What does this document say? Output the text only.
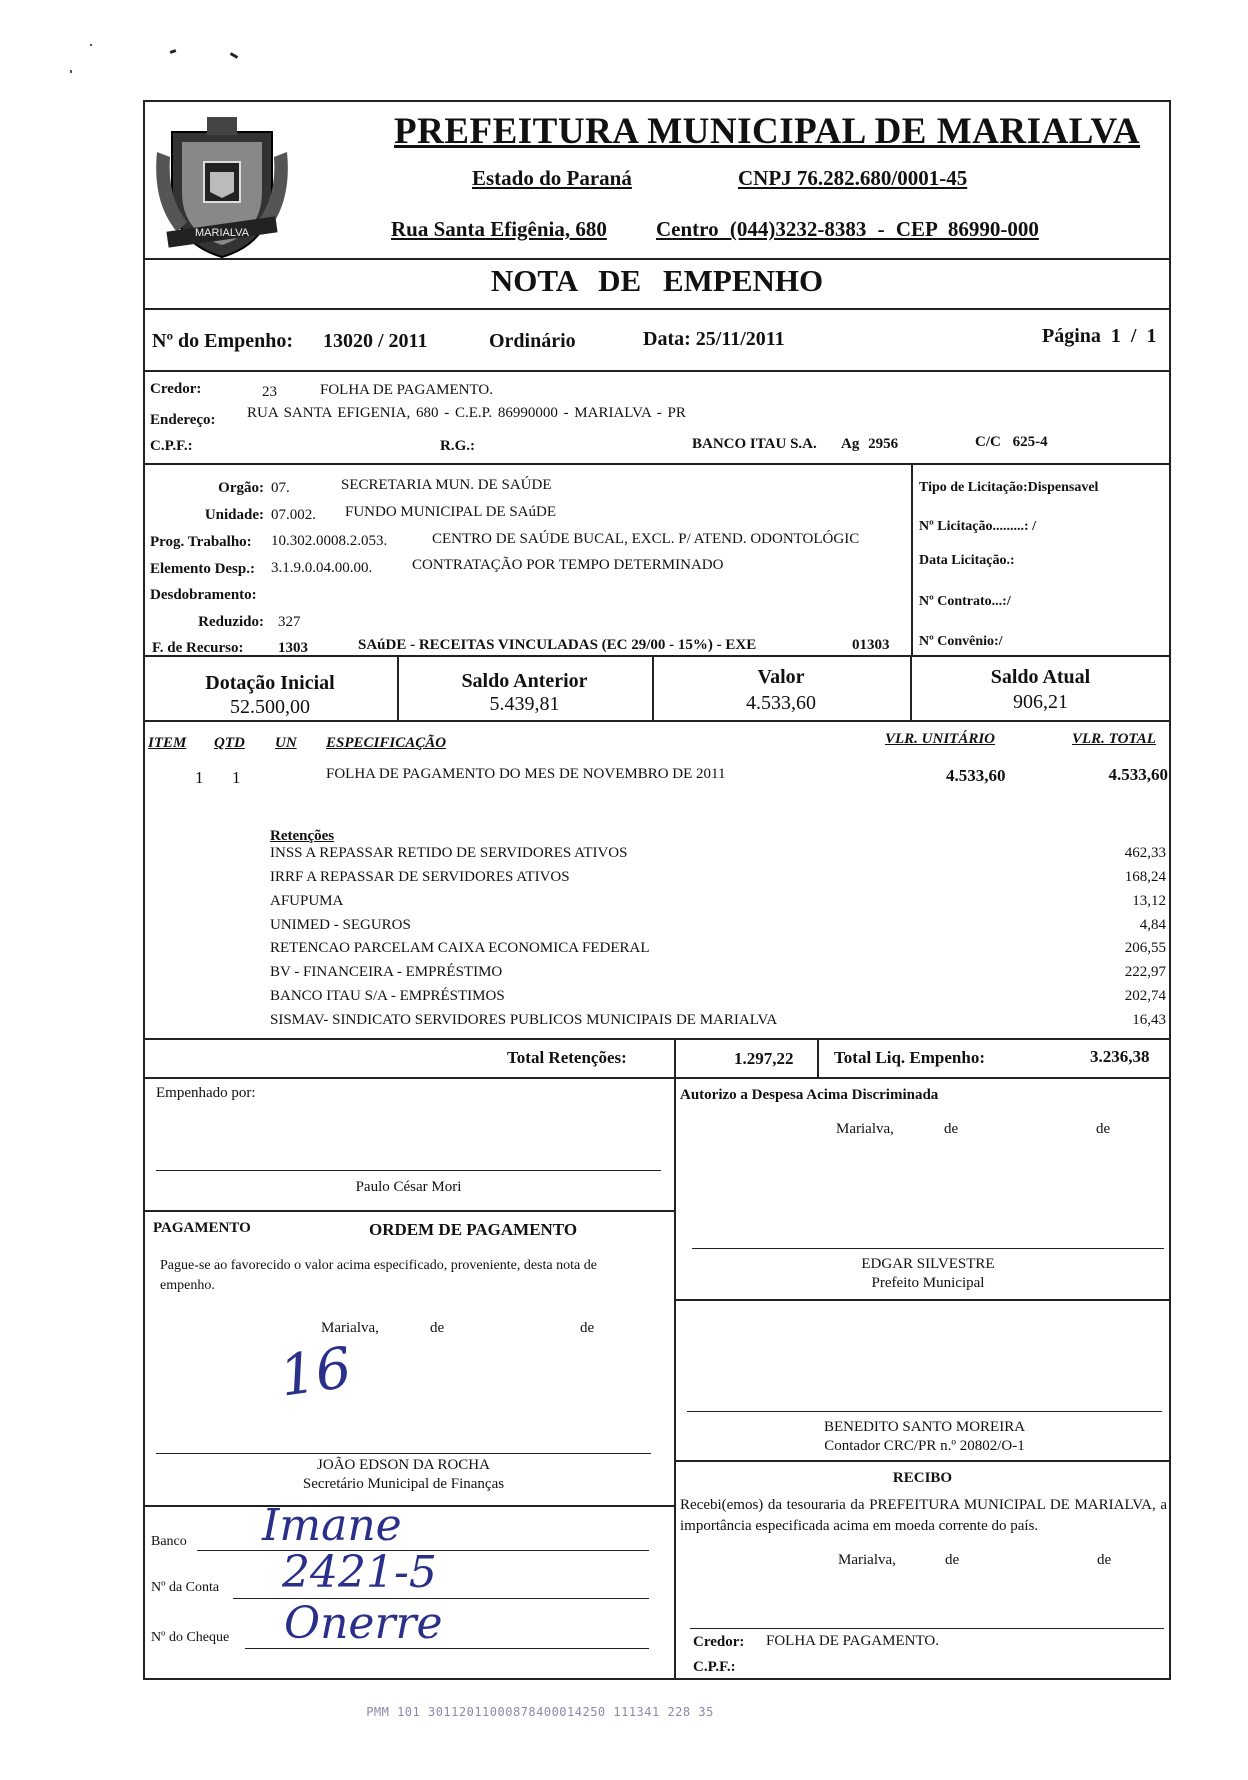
MARIALVA
PREFEITURA MUNICIPAL DE MARIALVA
Estado do Paraná	CNPJ 76.282.680/0001-45
Rua Santa Efigênia, 680 Centro (044)3232-8383 - CEP 86990-000
NOTA DE EMPENHO
Nº do Empenho: 13020 / 2011	Ordinário	Data: 25/11/2011	Página 1 / 1
Credor:	23	FOLHA DE PAGAMENTO.
Endereço: RUA SANTA EFIGENIA, 680 - C.E.P. 86990000 - MARIALVA - PR
C.P.F.:	R.G.:	BANCO ITAU S.A. Ag 2956	C/C 625-4
Orgão: 07.	SECRETARIA MUN. DE SAÚDE
Unidade: 07.002. FUNDO MUNICIPAL DE SAúDE
Prog. Trabalho: 10.302.0008.2.053.	CENTRO DE SAÚDE BUCAL, EXCL. P/ ATEND. ODONTOLÓGIC
Elemento Desp.: 3.1.9.0.04.00.00.	CONTRATAÇÃO POR TEMPO DETERMINADO
Desdobramento:
Reduzido: 327
F. de Recurso: 1303	SAúDE - RECEITAS VINCULADAS (EC 29/00 - 15%) - EXE	01303
Tipo de Licitação:Dispensavel
Nº Licitação.........: /
Data Licitação.:
Nº Contrato...:/
Nº Convênio:/
Dotação Inicial
52.500,00
Saldo Anterior
5.439,81
Valor
4.533,60
Saldo Atual
906,21
ITEM QTD UN ESPECIFICAÇÃO	VLR. UNITÁRIO	VLR. TOTAL
1 1	FOLHA DE PAGAMENTO DO MES DE NOVEMBRO DE 2011	4.533,60	4.533,60
Retenções
INSS A REPASSAR RETIDO DE SERVIDORES ATIVOS	462,33
IRRF A REPASSAR DE SERVIDORES ATIVOS	168,24
AFUPUMA	13,12
UNIMED - SEGUROS	4,84
RETENCAO PARCELAM CAIXA ECONOMICA FEDERAL	206,55
BV - FINANCEIRA - EMPRÉSTIMO	222,97
BANCO ITAU S/A - EMPRÉSTIMOS	202,74
SISMAV- SINDICATO SERVIDORES PUBLICOS MUNICIPAIS DE MARIALVA	16,43
Total Retenções:	1.297,22 Total Liq. Empenho:	3.236,38
Empenhado por:
Paulo César Mori
Autorizo a Despesa Acima Discriminada
Marialva,	de	de
EDGAR SILVESTRE
Prefeito Municipal
PAGAMENTO	ORDEM DE PAGAMENTO
Pague-se ao favorecido o valor acima especificado, proveniente, desta nota de empenho.
Marialva,	de	de
16
JOÃO EDSON DA ROCHA
Secretário Municipal de Finanças
BENEDITO SANTO MOREIRA
Contador CRC/PR n.º 20802/O-1
RECIBO
Recebi(emos) da tesouraria da PREFEITURA MUNICIPAL DE MARIALVA, a importância especificada acima em moeda corrente do país.
Marialva,	de	de
Credor: FOLHA DE PAGAMENTO.
C.P.F.:
Banco Imane
Nº da Conta 2421-5
Nº do Cheque Onerre
PMM 101 30112011000878400014250 111341 228 35
